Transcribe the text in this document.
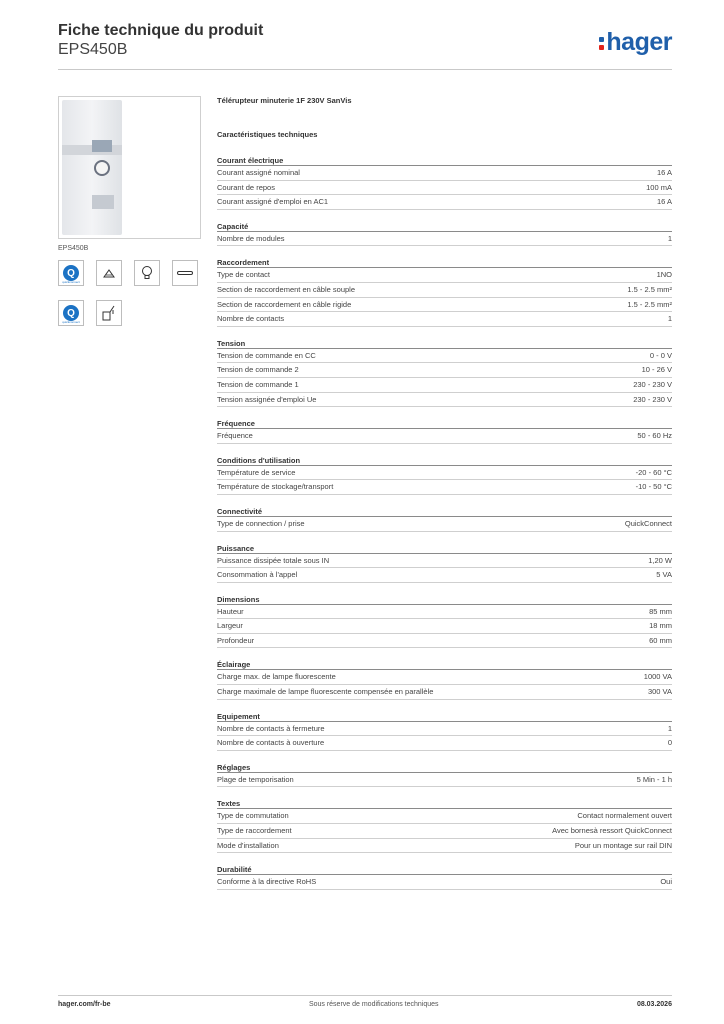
Fiche technique du produit
EPS450B	hager
EPS450B
Q
quickconnect
Q
quickconnect
Télérupteur minuterie 1F 230V SanVis
Caractéristiques techniques
Courant électrique
Courant assigné nominal	16 A
Courant de repos	100 mA
Courant assigné d'emploi en AC1	16 A
Capacité
Nombre de modules	1
Raccordement
Type de contact	1NO
Section de raccordement en câble souple	1.5 - 2.5 mm²
Section de raccordement en câble rigide	1.5 - 2.5 mm²
Nombre de contacts	1
Tension
Tension de commande en CC	0 - 0 V
Tension de commande 2	10 - 26 V
Tension de commande 1	230 - 230 V
Tension assignée d'emploi Ue	230 - 230 V
Fréquence
Fréquence	50 - 60 Hz
Conditions d'utilisation
Température de service	-20 - 60 °C
Température de stockage/transport	-10 - 50 °C
Connectivité
Type de connection / prise	QuickConnect
Puissance
Puissance dissipée totale sous IN	1,20 W
Consommation à l'appel	5 VA
Dimensions
Hauteur	85 mm
Largeur	18 mm
Profondeur	60 mm
Éclairage
Charge max. de lampe fluorescente	1000 VA
Charge maximale de lampe fluorescente compensée en parallèle	300 VA
Equipement
Nombre de contacts à fermeture	1
Nombre de contacts à ouverture	0
Réglages
Plage de temporisation	5 Min - 1 h
Textes
Type de commutation	Contact normalement ouvert
Type de raccordement	Avec bornesà ressort QuickConnect
Mode d'installation	Pour un montage sur rail DIN
Durabilité
Conforme à la directive RoHS	Oui
hager.com/fr-be	Sous réserve de modifications techniques	08.03.2026
